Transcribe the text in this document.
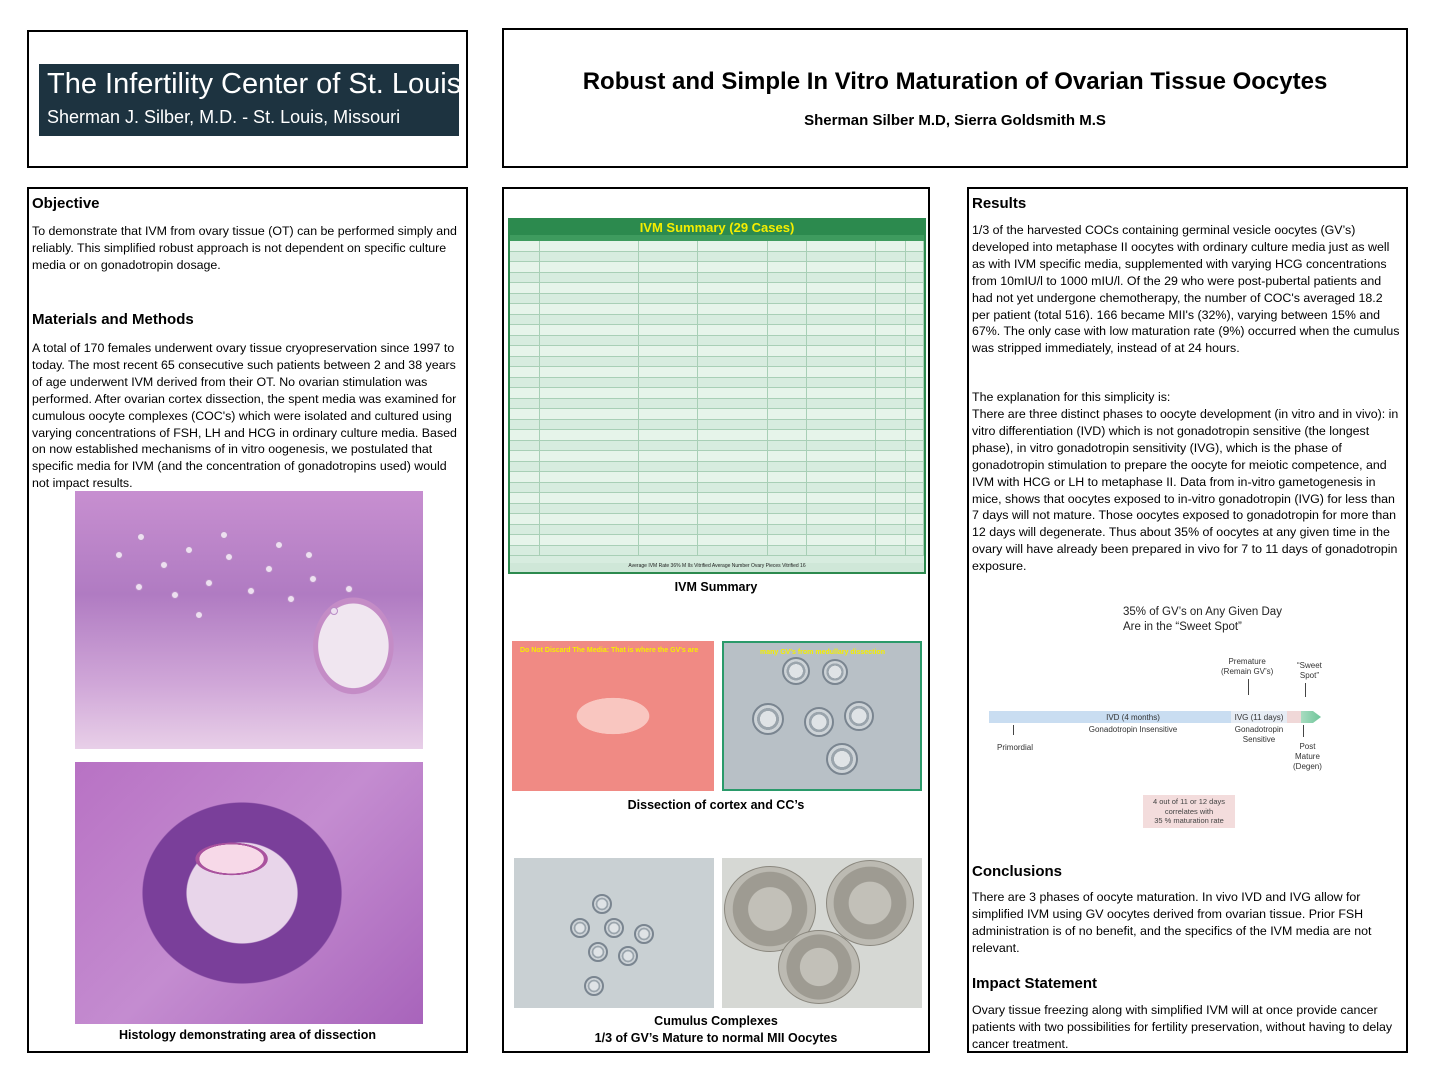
The Infertility Center of St. Louis
Sherman J. Silber, M.D. - St. Louis, Missouri
Robust and Simple In Vitro Maturation of Ovarian Tissue Oocytes
Sherman Silber M.D, Sierra Goldsmith M.S
Objective
To demonstrate that IVM from ovary tissue (OT) can be performed simply and reliably. This simplified robust approach is not dependent on specific culture media or on gonadotropin dosage.
Materials and Methods
A total of 170 females underwent ovary tissue cryopreservation since 1997 to today. The most recent 65 consecutive such patients between 2 and 38 years of age underwent IVM derived from their OT. No ovarian stimulation was performed. After ovarian cortex dissection, the spent media was examined for cumulous oocyte complexes (COC's) which were isolated and cultured using varying concentrations of FSH, LH and HCG in ordinary culture media. Based on now established mechanisms of in vitro oogenesis, we postulated that specific media for IVM (and the concentration of gonadotropins used) would not impact results.
Histology demonstrating area of dissection
IVM Summary (29 Cases)
Average IVM Rate 36% M IIs Vitrified Average Number Ovary Pieces Vitrified 16
IVM Summary
Do Not Discard The Media: That is where the GV's are	many GV's from medullary dissection
Dissection of cortex and CC’s
Cumulus Complexes
1/3 of GV’s Mature to normal MII Oocytes
Results
1/3 of the harvested COCs containing germinal vesicle oocytes (GV’s) developed into metaphase II oocytes with ordinary culture media just as well as with IVM specific media, supplemented with varying HCG concentrations from 10mIU/l to 1000 mIU/l. Of the 29 who were post-pubertal patients and had not yet undergone chemotherapy, the number of COC's averaged 18.2 per patient (total 516). 166 became MII's (32%), varying between 15% and 67%. The only case with low maturation rate (9%) occurred when the cumulus was stripped immediately, instead of at 24 hours.
The explanation for this simplicity is:
There are three distinct phases to oocyte development (in vitro and in vivo): in vitro differentiation (IVD) which is not gonadotropin sensitive (the longest phase), in vitro gonadotropin sensitivity (IVG), which is the phase of gonadotropin stimulation to prepare the oocyte for meiotic competence, and IVM with HCG or LH to metaphase II. Data from in-vitro gametogenesis in mice, shows that oocytes exposed to in-vitro gonadotropin (IVG) for less than 7 days will not mature. Those oocytes exposed to gonadotropin for more than 12 days will degenerate. Thus about 35% of oocytes at any given time in the ovary will have already been prepared in vivo for 7 to 11 days of gonadotropin exposure.
35% of GV’s on Any Given Day
Are in the “Sweet Spot”
Premature
(Remain GV’s)
“Sweet
Spot”
IVD (4 months)
Gonadotropin Insensitive
IVG (11 days)
Gonadotropin
Sensitive
Primordial	Post
Mature
(Degen)
4 out of 11 or 12 days
correlates with
35 % maturation rate
Conclusions
There are 3 phases of oocyte maturation. In vivo IVD and IVG allow for simplified IVM using GV oocytes derived from ovarian tissue. Prior FSH administration is of no benefit, and the specifics of the IVM media are not relevant.
Impact Statement
Ovary tissue freezing along with simplified IVM will at once provide cancer patients with two possibilities for fertility preservation, without having to delay cancer treatment.
